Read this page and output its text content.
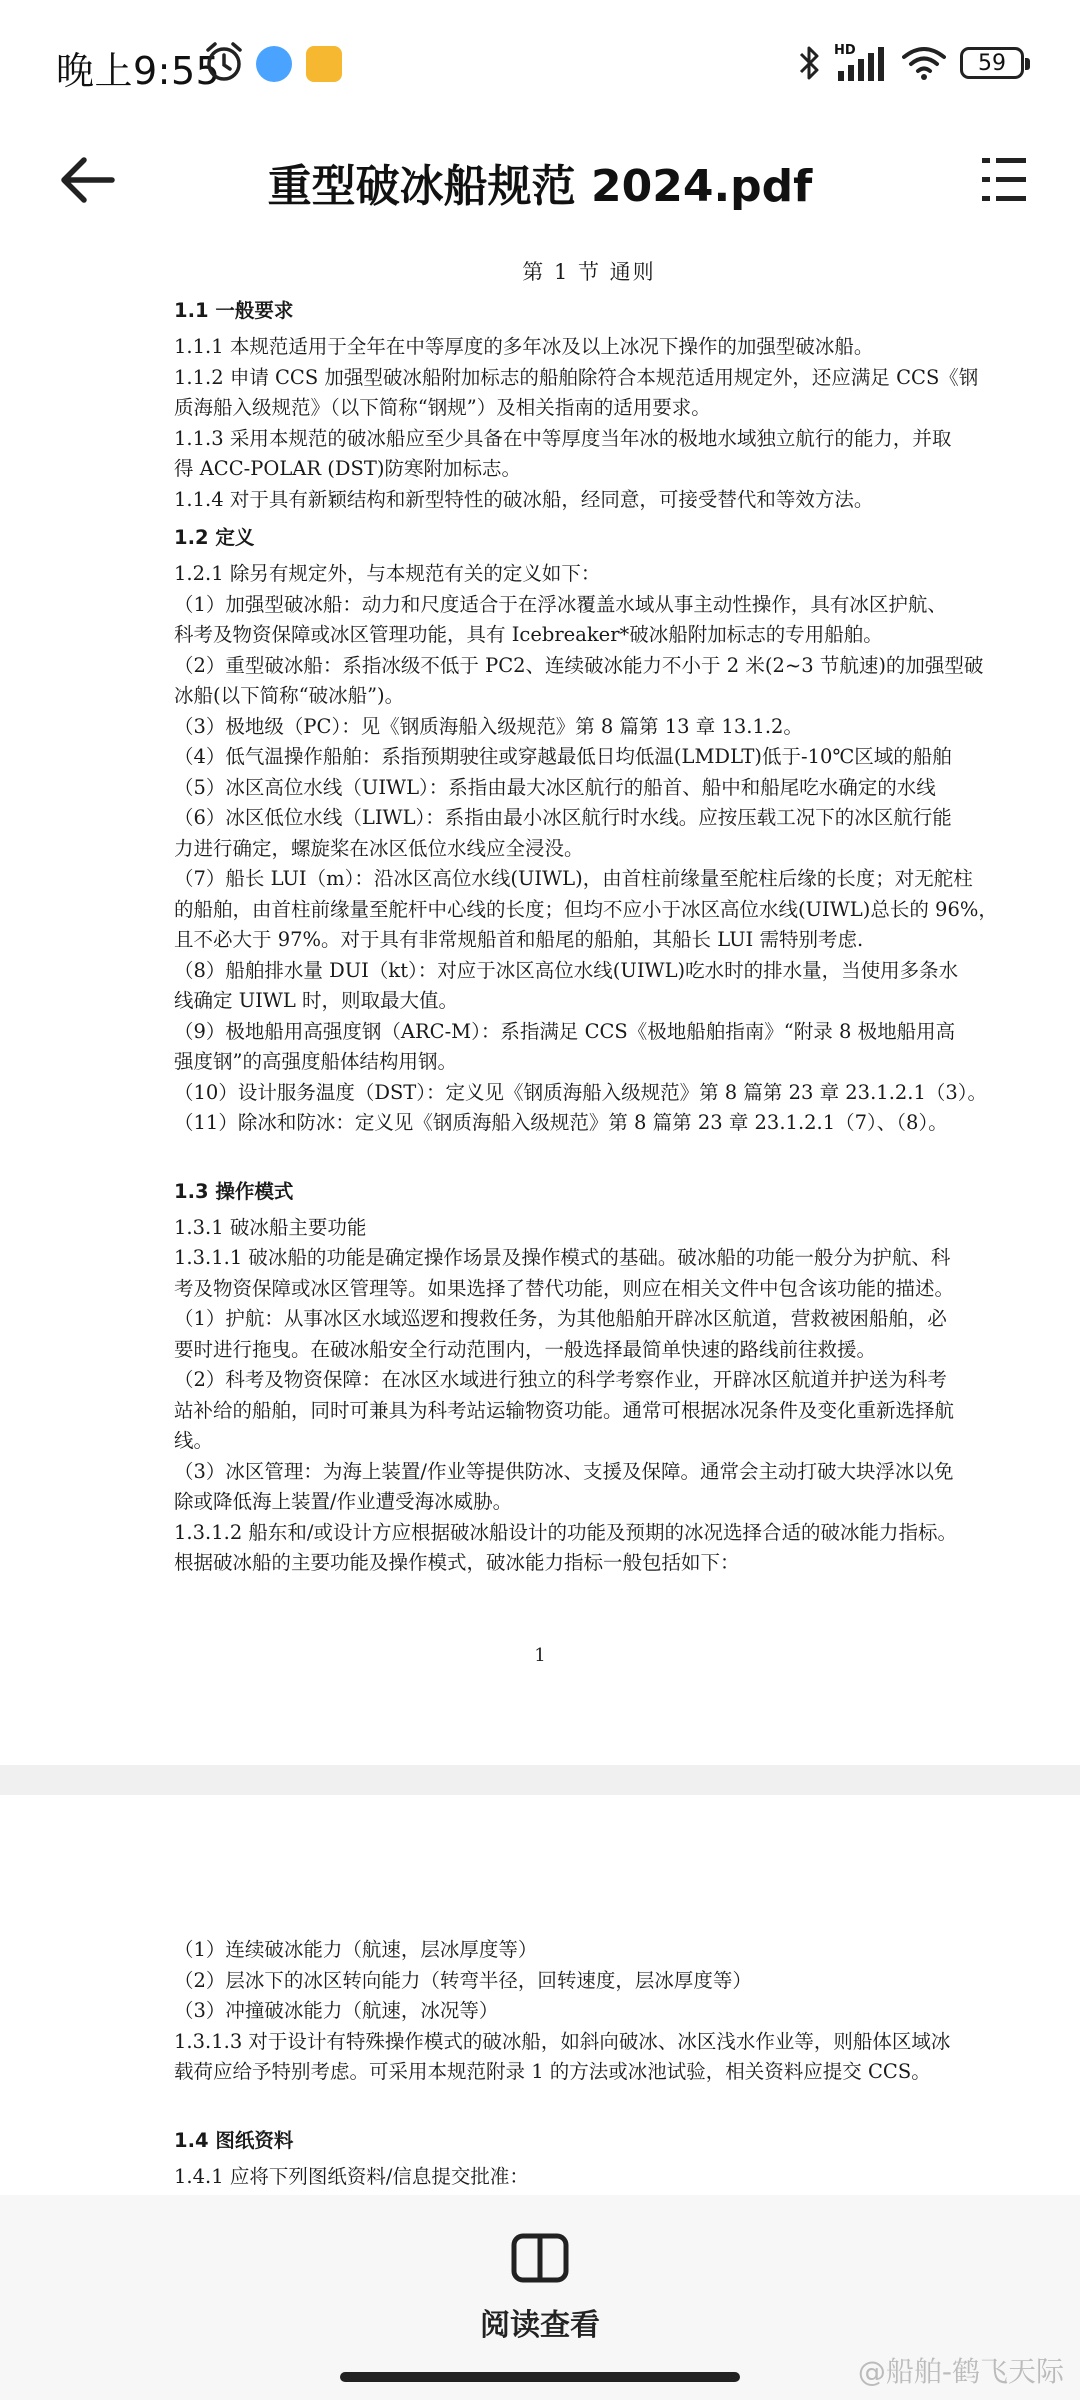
晚上9:55	HD	59
重型破冰船规范 2024.pdf
第 1 节 通则
1.1 一般要求
1.1.1 本规范适用于全年在中等厚度的多年冰及以上冰况下操作的加强型破冰船。
1.1.2 申请 CCS 加强型破冰船附加标志的船舶除符合本规范适用规定外，还应满足 CCS《钢
质海船入级规范》（以下简称“钢规”）及相关指南的适用要求。
1.1.3 采用本规范的破冰船应至少具备在中等厚度当年冰的极地水域独立航行的能力，并取
得 ACC-POLAR (DST)防寒附加标志。
1.1.4 对于具有新颖结构和新型特性的破冰船，经同意，可接受替代和等效方法。
1.2 定义
1.2.1 除另有规定外，与本规范有关的定义如下：
（1）加强型破冰船：动力和尺度适合于在浮冰覆盖水域从事主动性操作，具有冰区护航、
科考及物资保障或冰区管理功能，具有 Icebreaker*破冰船附加标志的专用船舶。
（2）重型破冰船：系指冰级不低于 PC2、连续破冰能力不小于 2 米(2~3 节航速)的加强型破
冰船(以下简称“破冰船”)。
（3）极地级（PC）：见《钢质海船入级规范》第 8 篇第 13 章 13.1.2。
（4）低气温操作船舶：系指预期驶往或穿越最低日均低温(LMDLT)低于-10℃区域的船舶
（5）冰区高位水线（UIWL）：系指由最大冰区航行的船首、船中和船尾吃水确定的水线
（6）冰区低位水线（LIWL）：系指由最小冰区航行时水线。应按压载工况下的冰区航行能
力进行确定，螺旋桨在冰区低位水线应全浸没。
（7）船长 LUI（m）：沿冰区高位水线(UIWL)，由首柱前缘量至舵柱后缘的长度；对无舵柱
的船舶，由首柱前缘量至舵杆中心线的长度；但均不应小于冰区高位水线(UIWL)总长的 96%，
且不必大于 97%。对于具有非常规船首和船尾的船舶，其船长 LUI 需特别考虑.
（8）船舶排水量 DUI（kt）：对应于冰区高位水线(UIWL)吃水时的排水量，当使用多条水
线确定 UIWL 时，则取最大值。
（9）极地船用高强度钢（ARC-M）：系指满足 CCS《极地船舶指南》“附录 8 极地船用高
强度钢”的高强度船体结构用钢。
（10）设计服务温度（DST）：定义见《钢质海船入级规范》第 8 篇第 23 章 23.1.2.1（3）。
（11）除冰和防冰：定义见《钢质海船入级规范》第 8 篇第 23 章 23.1.2.1（7）、（8）。
1.3 操作模式
1.3.1 破冰船主要功能
1.3.1.1 破冰船的功能是确定操作场景及操作模式的基础。破冰船的功能一般分为护航、科
考及物资保障或冰区管理等。如果选择了替代功能，则应在相关文件中包含该功能的描述。
（1）护航：从事冰区水域巡逻和搜救任务，为其他船舶开辟冰区航道，营救被困船舶，必
要时进行拖曳。在破冰船安全行动范围内，一般选择最简单快速的路线前往救援。
（2）科考及物资保障：在冰区水域进行独立的科学考察作业，开辟冰区航道并护送为科考
站补给的船舶，同时可兼具为科考站运输物资功能。通常可根据冰况条件及变化重新选择航
线。
（3）冰区管理：为海上装置/作业等提供防冰、支援及保障。通常会主动打破大块浮冰以免
除或降低海上装置/作业遭受海冰威胁。
1.3.1.2 船东和/或设计方应根据破冰船设计的功能及预期的冰况选择合适的破冰能力指标。
根据破冰船的主要功能及操作模式，破冰能力指标一般包括如下：
1
（1）连续破冰能力（航速，层冰厚度等）
（2）层冰下的冰区转向能力（转弯半径，回转速度，层冰厚度等）
（3）冲撞破冰能力（航速，冰况等）
1.3.1.3 对于设计有特殊操作模式的破冰船，如斜向破冰、冰区浅水作业等，则船体区域冰
载荷应给予特别考虑。可采用本规范附录 1 的方法或冰池试验，相关资料应提交 CCS。
1.4 图纸资料
1.4.1 应将下列图纸资料/信息提交批准：
阅读查看
@船舶-鹤飞天际
